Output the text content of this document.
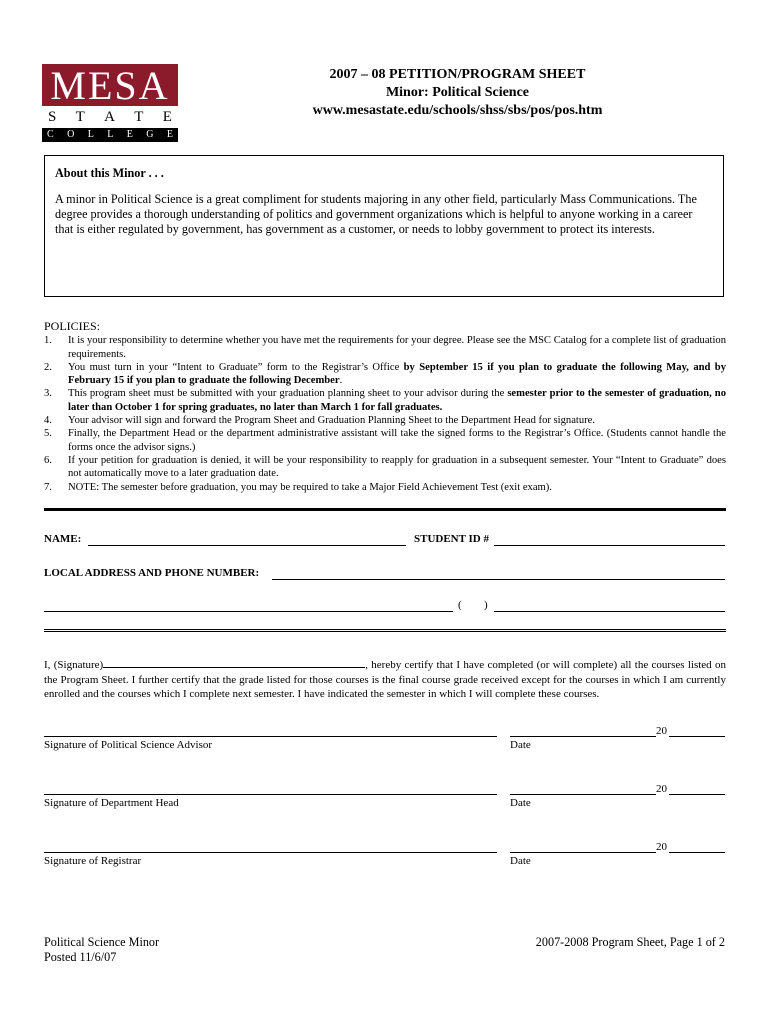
MESA
S T A T E
C O L L E G E
2007 – 08 PETITION/PROGRAM SHEET
Minor: Political Science
www.mesastate.edu/schools/shss/sbs/pos/pos.htm
About this Minor . . .
A minor in Political Science is a great compliment for students majoring in any other field, particularly Mass Communications. The degree provides a thorough understanding of politics and government organizations which is helpful to anyone working in a career that is either regulated by government, has government as a customer, or needs to lobby government to protect its interests.
POLICIES:
1.	It is your responsibility to determine whether you have met the requirements for your degree. Please see the MSC Catalog for a complete list of graduation requirements.
2.	You must turn in your “Intent to Graduate” form to the Registrar’s Office by September 15 if you plan to graduate the following May, and by February 15 if you plan to graduate the following December.
3.	This program sheet must be submitted with your graduation planning sheet to your advisor during the semester prior to the semester of graduation, no later than October 1 for spring graduates, no later than March 1 for fall graduates.
4.	Your advisor will sign and forward the Program Sheet and Graduation Planning Sheet to the Department Head for signature.
5.	Finally, the Department Head or the department administrative assistant will take the signed forms to the Registrar’s Office. (Students cannot handle the forms once the advisor signs.)
6.	If your petition for graduation is denied, it will be your responsibility to reapply for graduation in a subsequent semester. Your “Intent to Graduate” does not automatically move to a later graduation date.
7.	NOTE: The semester before graduation, you may be required to take a Major Field Achievement Test (exit exam).
NAME:	STUDENT ID #
LOCAL ADDRESS AND PHONE NUMBER:
( )
I, (Signature)	, hereby certify that I have completed (or will complete) all the courses listed on the Program Sheet. I further certify that the grade listed for those courses is the final course grade received except for the courses in which I am currently enrolled and the courses which I complete next semester. I have indicated the semester in which I will complete these courses.
Signature of Political Science Advisor
20
Date
Signature of Department Head
20
Date
Signature of Registrar
20
Date
Political Science Minor
Posted 11/6/07
2007-2008 Program Sheet, Page 1 of 2
